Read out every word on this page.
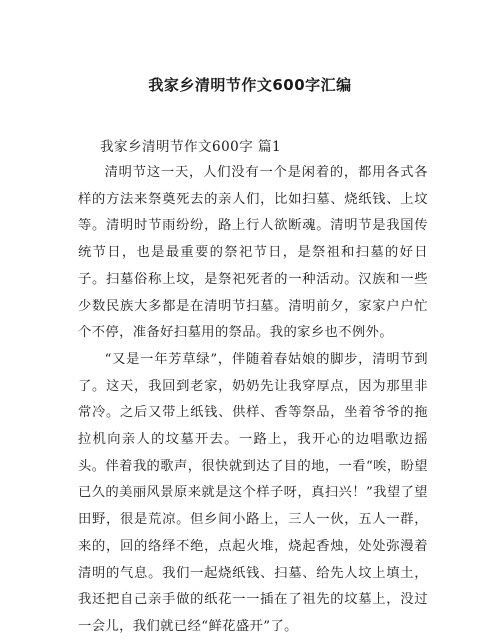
我家乡清明节作文600字汇编
我家乡清明节作文600字 篇1

清明节这一天，人们没有一个是闲着的，都用各式各样的方法来祭奠死去的亲人们，比如扫墓、烧纸钱、上坟等。清明时节雨纷纷，路上行人欲断魂。清明节是我国传统节日，也是最重要的祭祀节日，是祭祖和扫墓的好日子。扫墓俗称上坟，是祭祀死者的一种活动。汉族和一些少数民族大多都是在清明节扫墓。清明前夕，家家户户忙个不停，准备好扫墓用的祭品。我的家乡也不例外。

“又是一年芳草绿”，伴随着春姑娘的脚步，清明节到了。这天，我回到老家，奶奶先让我穿厚点，因为那里非常冷。之后又带上纸钱、供样、香等祭品，坐着爷爷的拖拉机向亲人的坟墓开去。一路上，我开心的边唱歌边摇头。伴着我的歌声，很快就到达了目的地，一看“唉，盼望已久的美丽风景原来就是这个样子呀，真扫兴！”我望了望田野，很是荒凉。但乡间小路上，三人一伙，五人一群，来的，回的络绎不绝，点起火堆，烧起香烛，处处弥漫着清明的气息。我们一起烧纸钱、扫墓、给先人坟上填土，我还把自己亲手做的纸花一一插在了祖先的坟墓上，没过一会儿，我们就已经“鲜花盛开”了。
